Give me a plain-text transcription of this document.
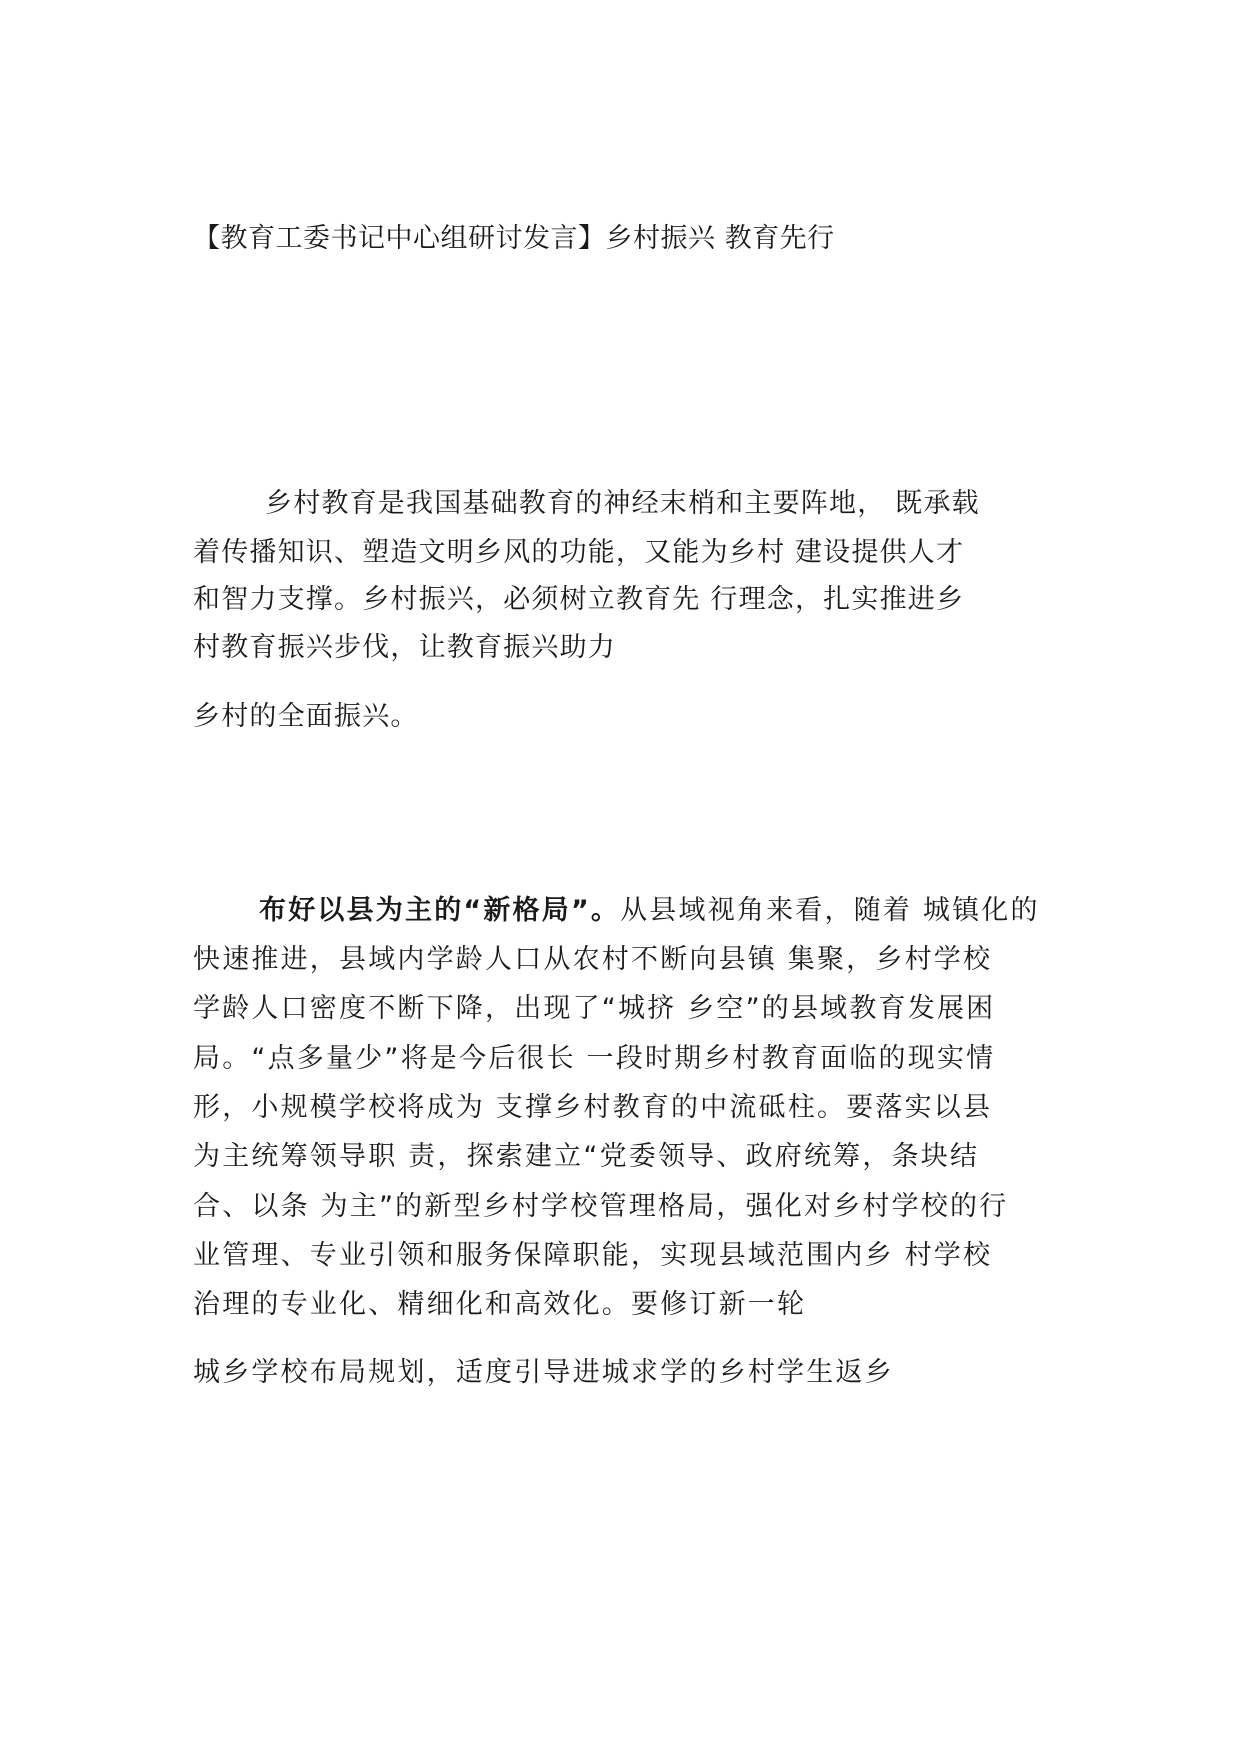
【教育工委书记中心组研讨发言】乡村振兴 教育先行
乡村教育是我国基础教育的神经末梢和主要阵地， 既承载
着传播知识、塑造文明乡风的功能，又能为乡村 建设提供人才
和智力支撑。乡村振兴，必须树立教育先 行理念，扎实推进乡
村教育振兴步伐，让教育振兴助力
乡村的全面振兴。
布好以县为主的“新格局”。从县域视角来看，随着 城镇化的
快速推进，县域内学龄人口从农村不断向县镇 集聚，乡村学校
学龄人口密度不断下降，出现了“城挤 乡空”的县域教育发展困
局。“点多量少”将是今后很长 一段时期乡村教育面临的现实情
形，小规模学校将成为 支撑乡村教育的中流砥柱。要落实以县
为主统筹领导职 责，探索建立“党委领导、政府统筹，条块结
合、以条 为主”的新型乡村学校管理格局，强化对乡村学校的行
业管理、专业引领和服务保障职能，实现县域范围内乡 村学校
治理的专业化、精细化和高效化。要修订新一轮
城乡学校布局规划，适度引导进城求学的乡村学生返乡
